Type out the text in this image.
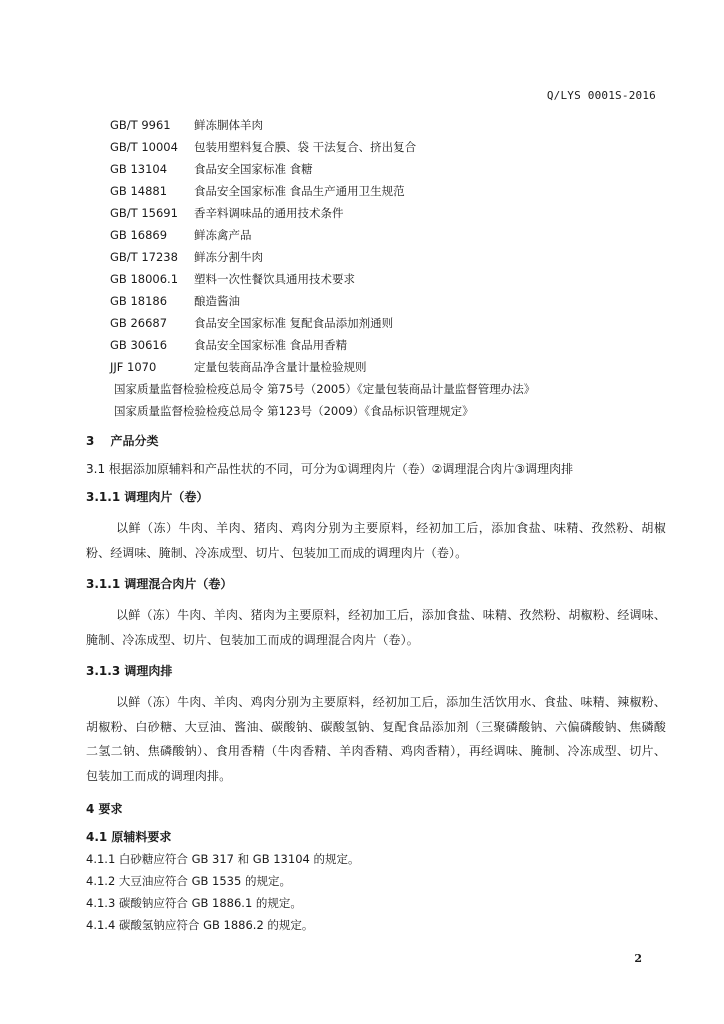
Q/LYS 0001S-2016
GB/T 9961 鲜冻胴体羊肉
GB/T 10004 包装用塑料复合膜、袋 干法复合、挤出复合
GB 13104 食品安全国家标准 食糖
GB 14881 食品安全国家标准 食品生产通用卫生规范
GB/T 15691 香辛料调味品的通用技术条件
GB 16869 鲜冻禽产品
GB/T 17238 鲜冻分割牛肉
GB 18006.1 塑料一次性餐饮具通用技术要求
GB 18186 酿造酱油
GB 26687 食品安全国家标准 复配食品添加剂通则
GB 30616 食品安全国家标准 食品用香精
JJF 1070	定量包装商品净含量计量检验规则
国家质量监督检验检疫总局令 第75号（2005）《定量包装商品计量监督管理办法》
国家质量监督检验检疫总局令 第123号（2009）《食品标识管理规定》
3　 产品分类
3.1 根据添加原辅料和产品性状的不同，可分为①调理肉片（卷）②调理混合肉片③调理肉排
3.1.1 调理肉片（卷）
以鲜（冻）牛肉、羊肉、猪肉、鸡肉分别为主要原料，经初加工后，添加食盐、味精、孜然粉、胡椒粉、经调味、腌制、冷冻成型、切片、包装加工而成的调理肉片（卷）。
3.1.1 调理混合肉片（卷）
以鲜（冻）牛肉、羊肉、猪肉为主要原料，经初加工后，添加食盐、味精、孜然粉、胡椒粉、经调味、腌制、冷冻成型、切片、包装加工而成的调理混合肉片（卷）。
3.1.3 调理肉排
以鲜（冻）牛肉、羊肉、鸡肉分别为主要原料，经初加工后，添加生活饮用水、食盐、味精、辣椒粉、胡椒粉、白砂糖、大豆油、酱油、碳酸钠、碳酸氢钠、复配食品添加剂（三聚磷酸钠、六偏磷酸钠、焦磷酸二氢二钠、焦磷酸钠）、食用香精（牛肉香精、羊肉香精、鸡肉香精），再经调味、腌制、冷冻成型、切片、包装加工而成的调理肉排。
4 要求
4.1 原辅料要求
4.1.1 白砂糖应符合 GB 317 和 GB 13104 的规定。
4.1.2 大豆油应符合 GB 1535 的规定。
4.1.3 碳酸钠应符合 GB 1886.1 的规定。
4.1.4 碳酸氢钠应符合 GB 1886.2 的规定。
2
